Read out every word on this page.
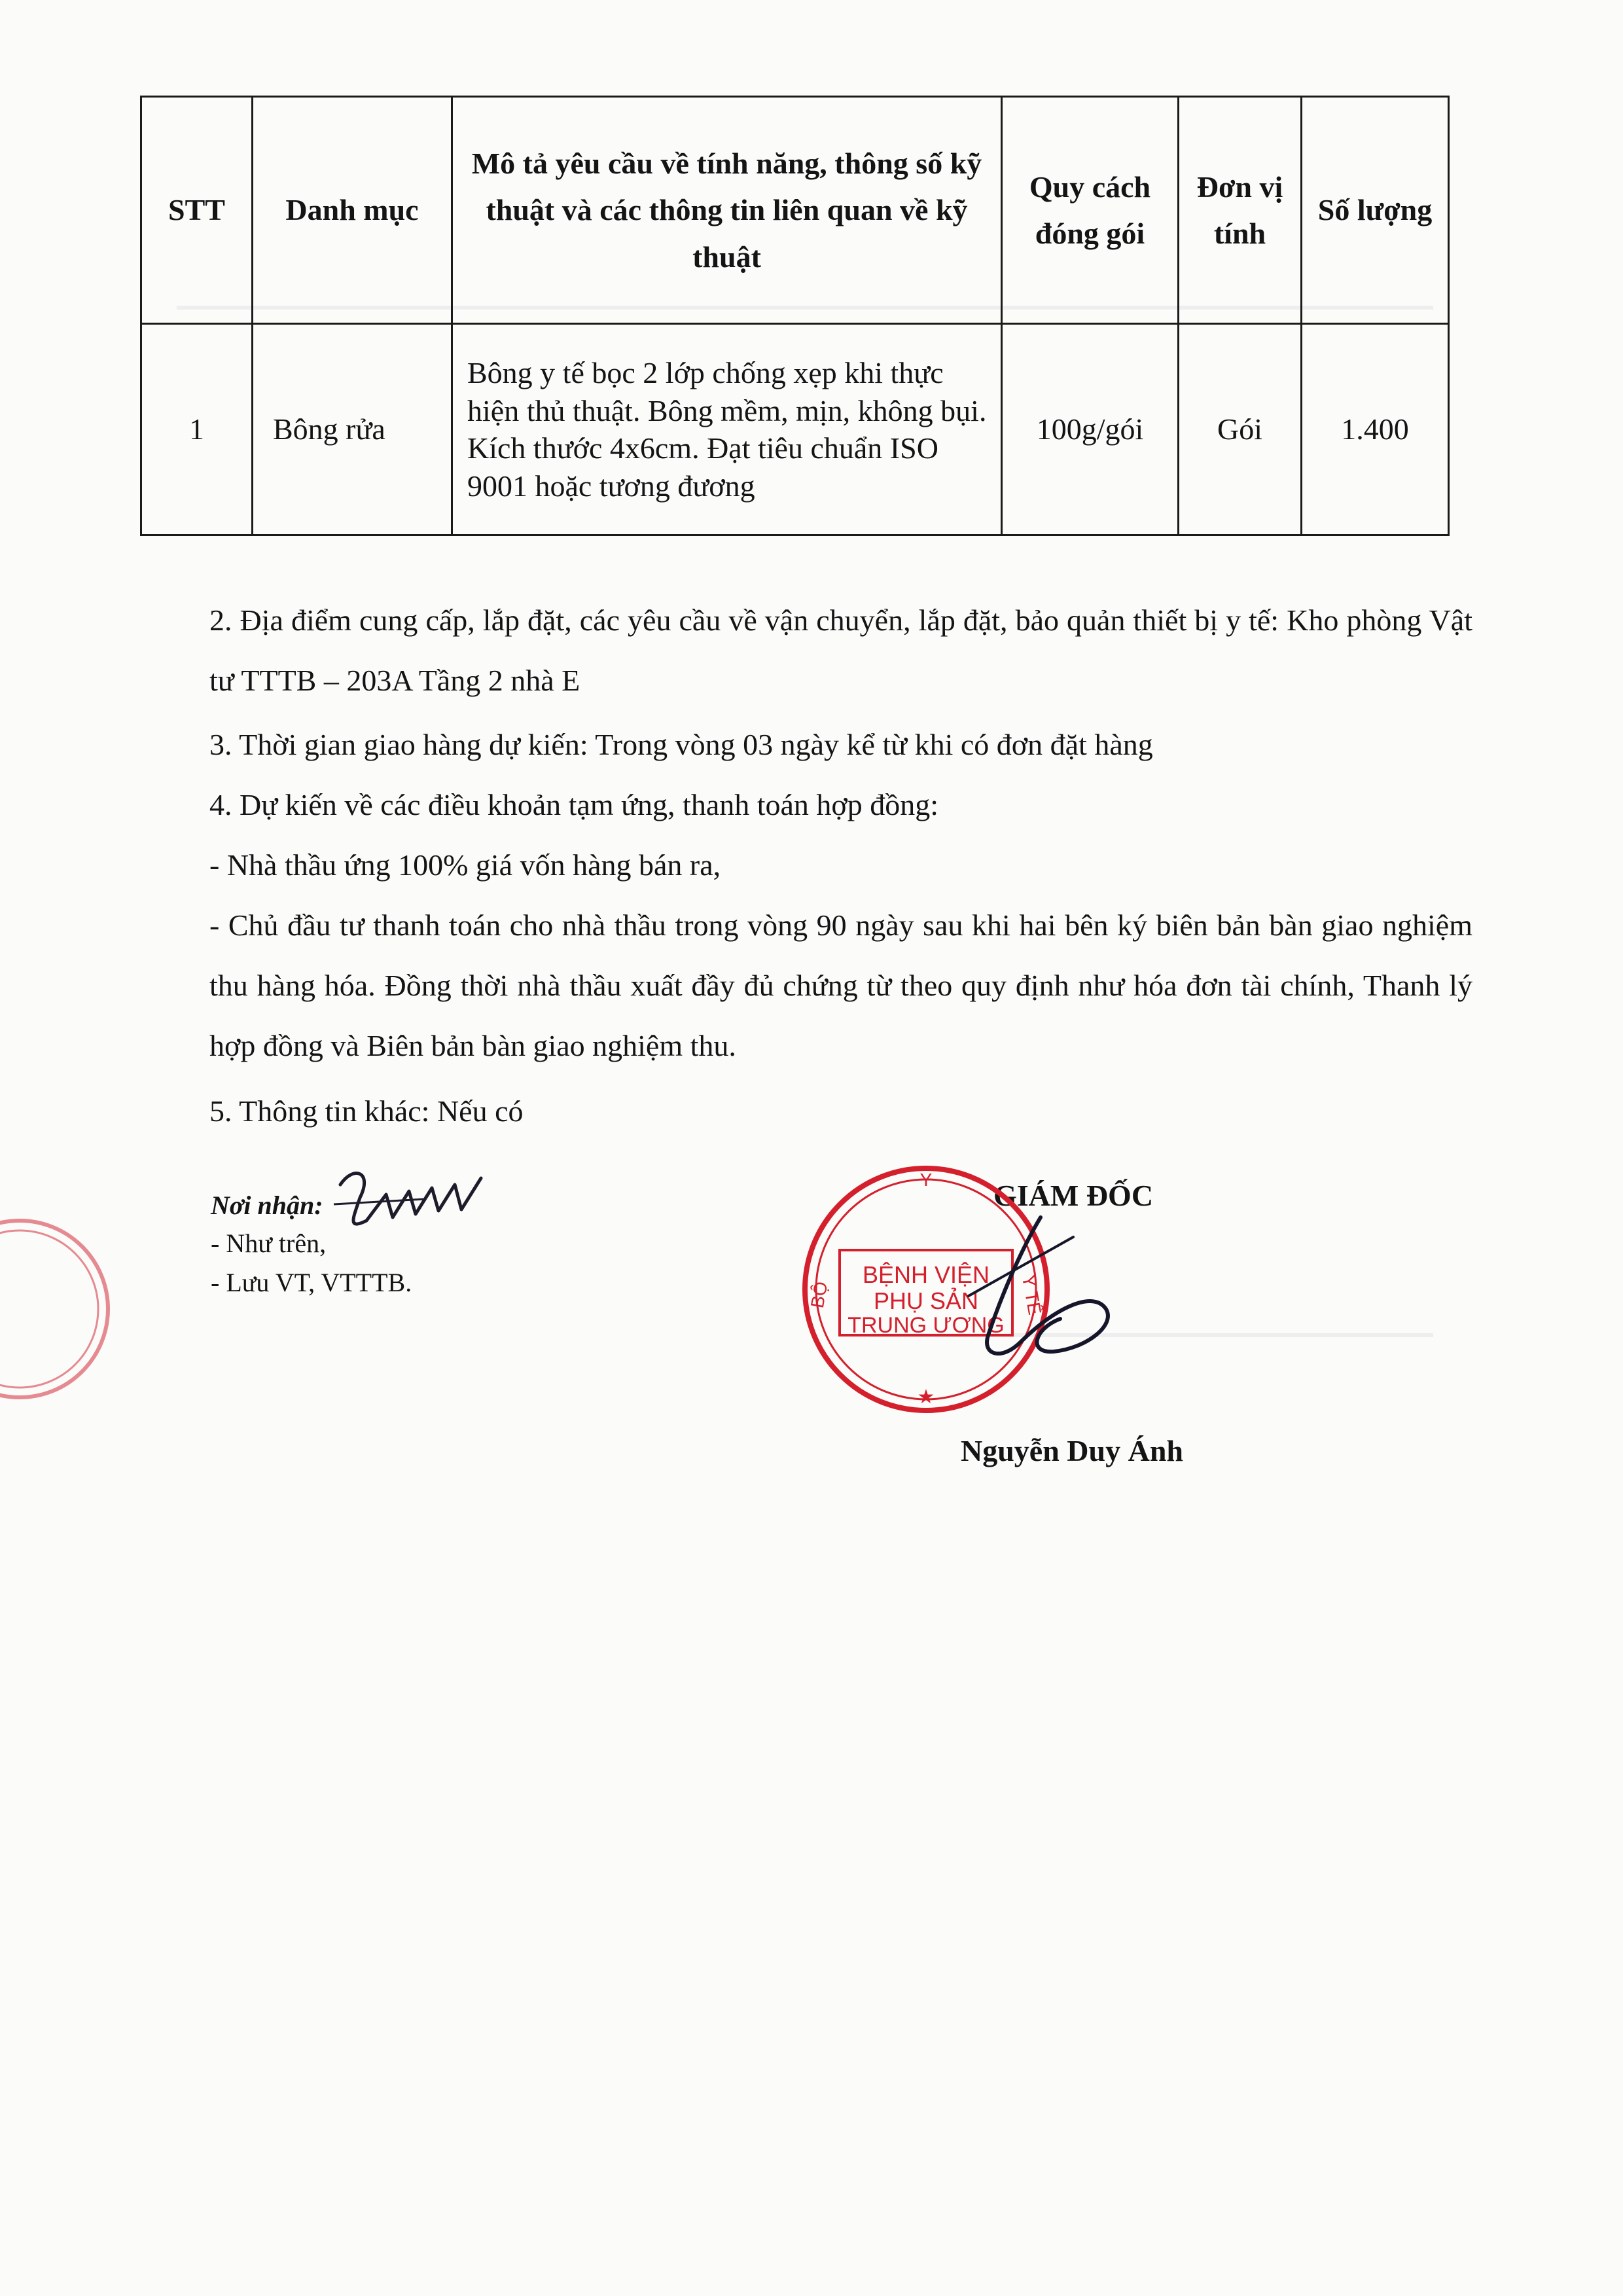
STT	Danh mục	Mô tả yêu cầu về tính năng, thông số kỹ thuật và các thông tin liên quan về kỹ thuật	Quy cách đóng gói	Đơn vị tính	Số lượng
1	Bông rửa	Bông y tế bọc 2 lớp chống xẹp khi thực hiện thủ thuật. Bông mềm, mịn, không bụi. Kích thước 4x6cm. Đạt tiêu chuẩn ISO 9001 hoặc tương đương	100g/gói	Gói	1.400

2. Địa điểm cung cấp, lắp đặt, các yêu cầu về vận chuyển, lắp đặt, bảo quản thiết bị y tế: Kho phòng Vật tư TTTB – 203A Tầng 2 nhà E

3. Thời gian giao hàng dự kiến: Trong vòng 03 ngày kể từ khi có đơn đặt hàng

4. Dự kiến về các điều khoản tạm ứng, thanh toán hợp đồng:

- Nhà thầu ứng 100% giá vốn hàng bán ra,

- Chủ đầu tư thanh toán cho nhà thầu trong vòng 90 ngày sau khi hai bên ký biên bản bàn giao nghiệm thu hàng hóa. Đồng thời nhà thầu xuất đầy đủ chứng từ theo quy định như hóa đơn tài chính, Thanh lý hợp đồng và Biên bản bàn giao nghiệm thu.

5. Thông tin khác: Nếu có

Nơi nhận:

- Như trên,

- Lưu VT, VTTTB.

GIÁM ĐỐC

Y
BỆNH VIỆN
PHỤ SẢN
TRUNG ƯƠNG
BỘ	Y TẾ
★

Nguyễn Duy Ánh
